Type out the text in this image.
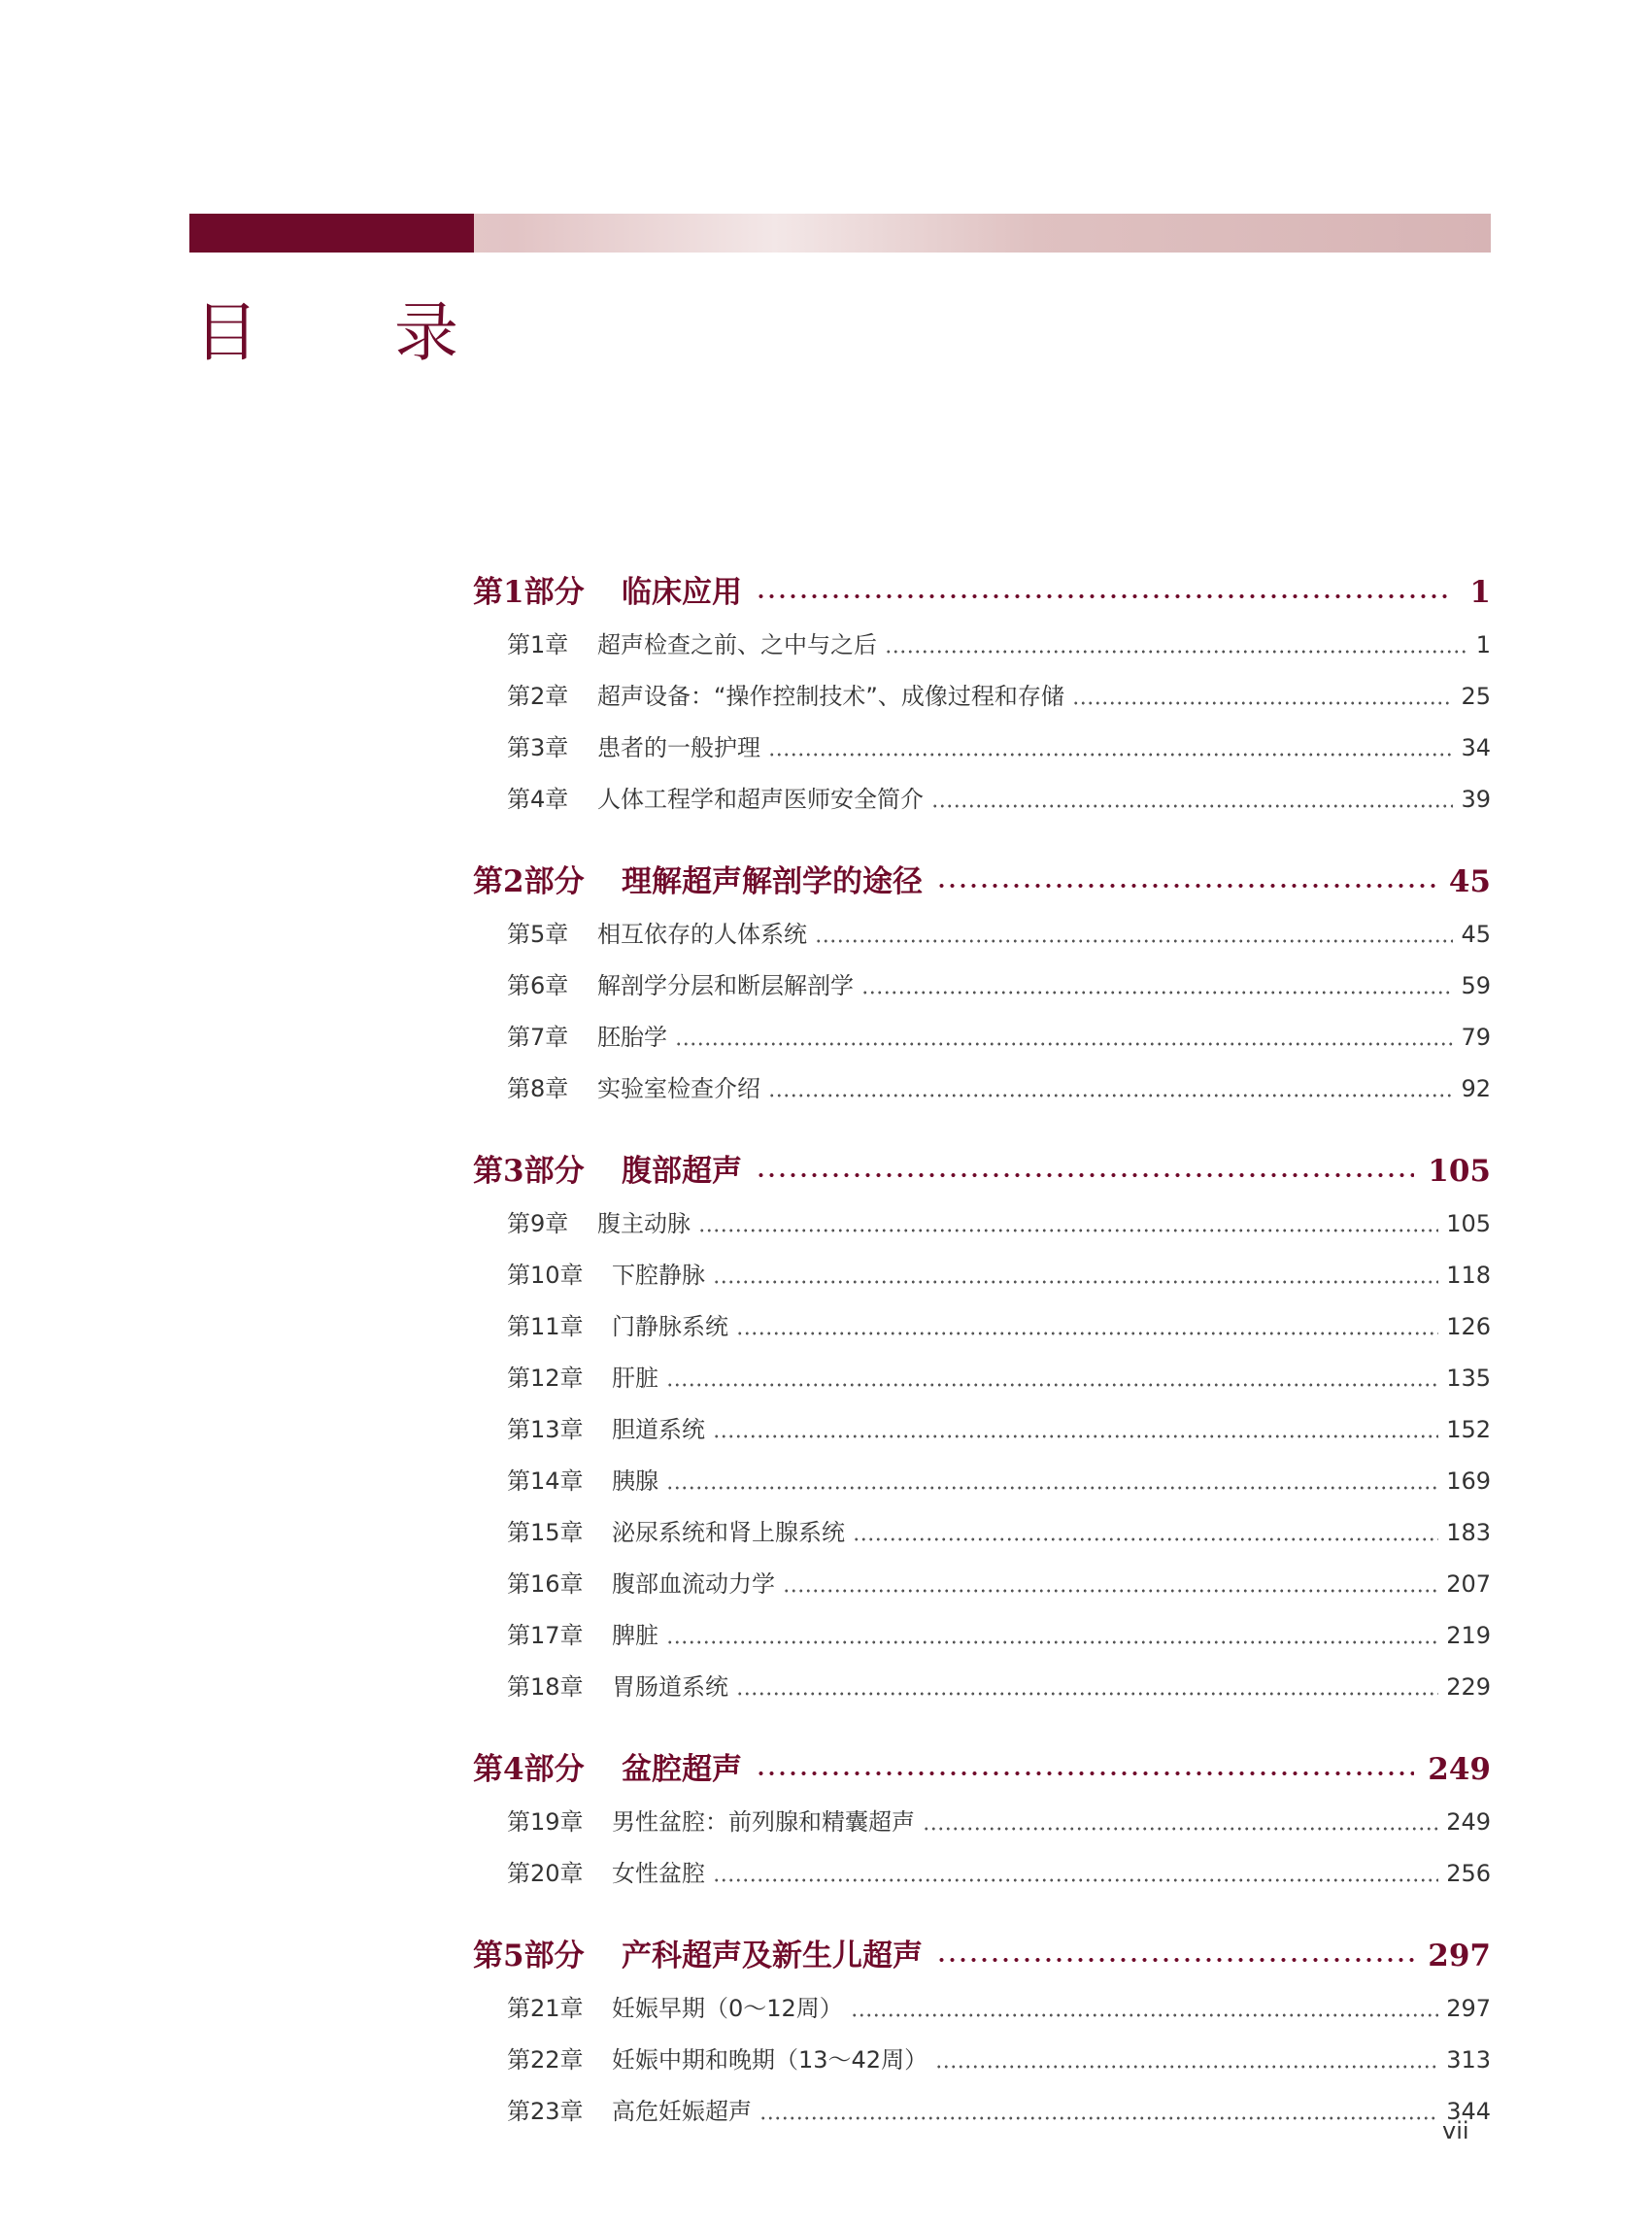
目 录
第1部分	临床应用	1
第1章	超声检查之前、之中与之后	1
第2章	超声设备：“操作控制技术”、成像过程和存储	25
第3章	患者的一般护理	34
第4章	人体工程学和超声医师安全简介	39
第2部分	理解超声解剖学的途径	45
第5章	相互依存的人体系统	45
第6章	解剖学分层和断层解剖学	59
第7章	胚胎学	79
第8章	实验室检查介绍	92
第3部分	腹部超声	105
第9章	腹主动脉	105
第10章	下腔静脉	118
第11章	门静脉系统	126
第12章	肝脏	135
第13章	胆道系统	152
第14章	胰腺	169
第15章	泌尿系统和肾上腺系统	183
第16章	腹部血流动力学	207
第17章	脾脏	219
第18章	胃肠道系统	229
第4部分	盆腔超声	249
第19章	男性盆腔：前列腺和精囊超声	249
第20章	女性盆腔	256
第5部分	产科超声及新生儿超声	297
第21章	妊娠早期（0～12周）	297
第22章	妊娠中期和晚期（13～42周）	313
第23章	高危妊娠超声	344
vii
